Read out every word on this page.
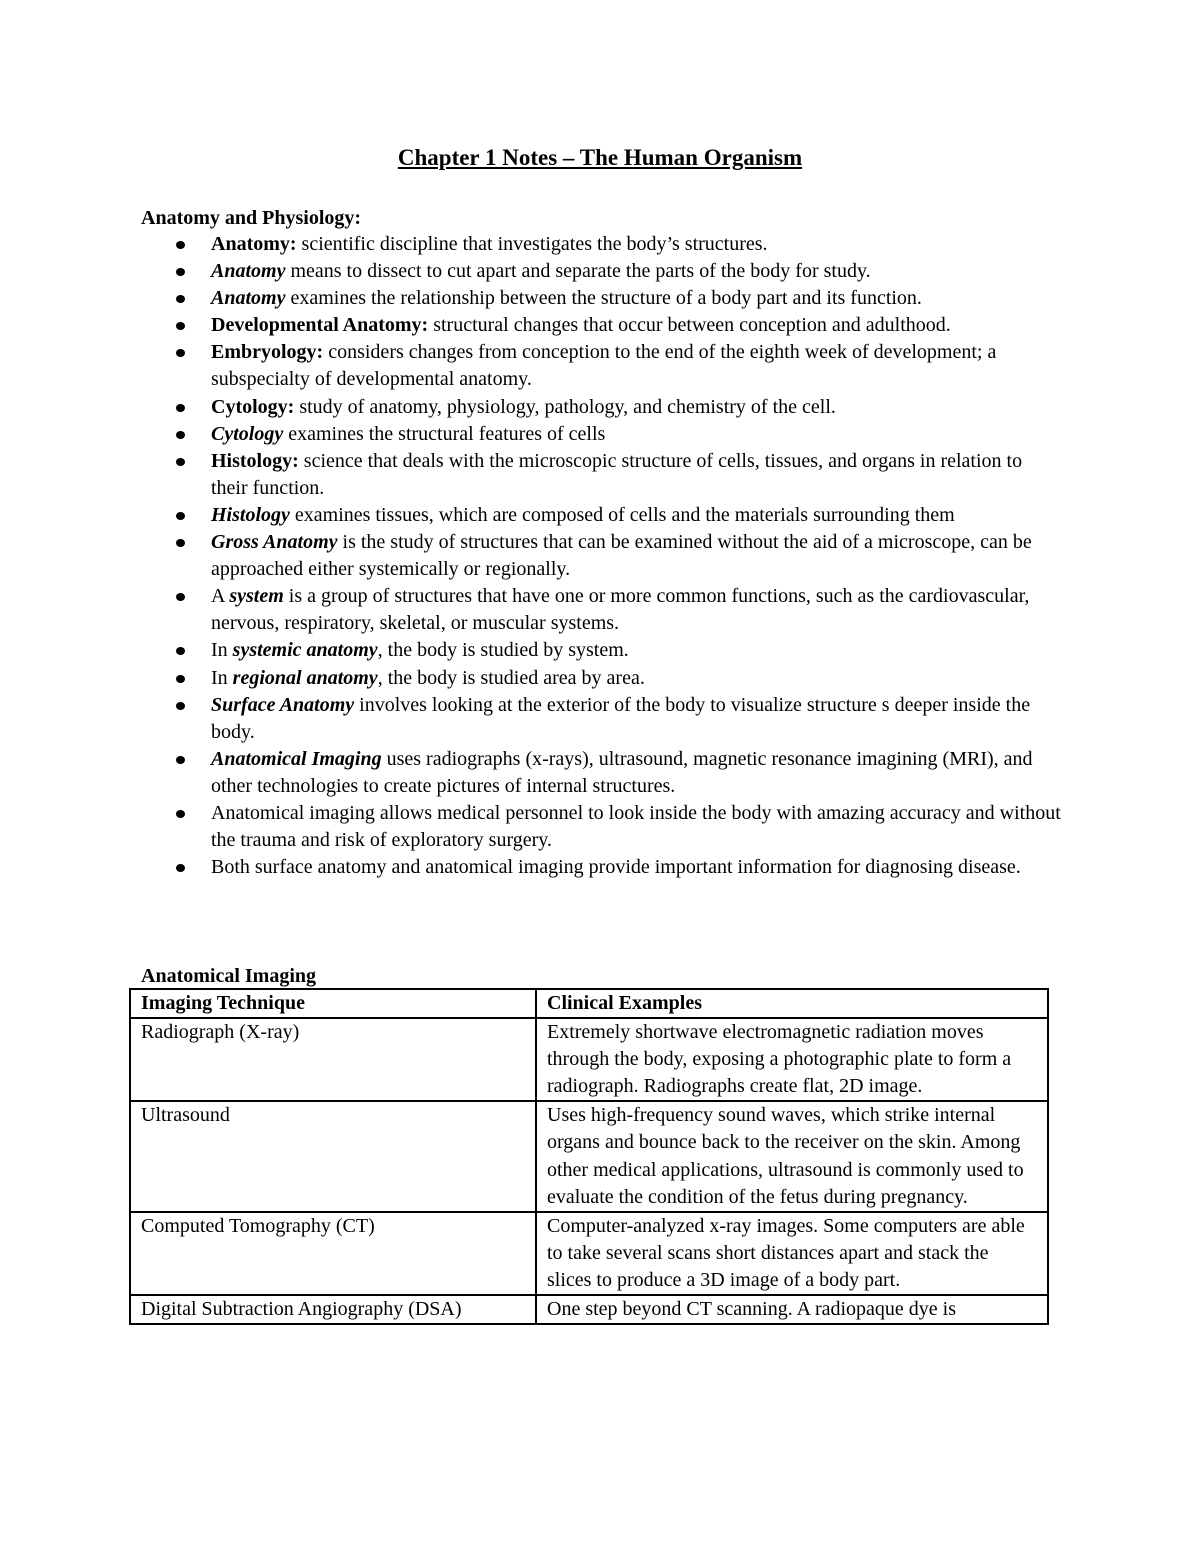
Chapter 1 Notes – The Human Organism
Anatomy and Physiology:
Anatomy: scientific discipline that investigates the body’s structures.
Anatomy means to dissect to cut apart and separate the parts of the body for study.
Anatomy examines the relationship between the structure of a body part and its function.
Developmental Anatomy: structural changes that occur between conception and adulthood.
Embryology: considers changes from conception to the end of the eighth week of development; a subspecialty of developmental anatomy.
Cytology: study of anatomy, physiology, pathology, and chemistry of the cell.
Cytology examines the structural features of cells
Histology: science that deals with the microscopic structure of cells, tissues, and organs in relation to their function.
Histology examines tissues, which are composed of cells and the materials surrounding them
Gross Anatomy is the study of structures that can be examined without the aid of a microscope, can be approached either systemically or regionally.
A system is a group of structures that have one or more common functions, such as the cardiovascular, nervous, respiratory, skeletal, or muscular systems.
In systemic anatomy, the body is studied by system.
In regional anatomy, the body is studied area by area.
Surface Anatomy involves looking at the exterior of the body to visualize structure s deeper inside the body.
Anatomical Imaging uses radiographs (x-rays), ultrasound, magnetic resonance imagining (MRI), and other technologies to create pictures of internal structures.
Anatomical imaging allows medical personnel to look inside the body with amazing accuracy and without the trauma and risk of exploratory surgery.
Both surface anatomy and anatomical imaging provide important information for diagnosing disease.
Anatomical Imaging
Imaging Technique	Clinical Examples
Radiograph (X-ray)	Extremely shortwave electromagnetic radiation moves through the body, exposing a photographic plate to form a radiograph. Radiographs create flat, 2D image.
Ultrasound	Uses high-frequency sound waves, which strike internal organs and bounce back to the receiver on the skin. Among other medical applications, ultrasound is commonly used to evaluate the condition of the fetus during pregnancy.
Computed Tomography (CT)	Computer-analyzed x-ray images. Some computers are able to take several scans short distances apart and stack the slices to produce a 3D image of a body part.
Digital Subtraction Angiography (DSA)	One step beyond CT scanning. A radiopaque dye is
